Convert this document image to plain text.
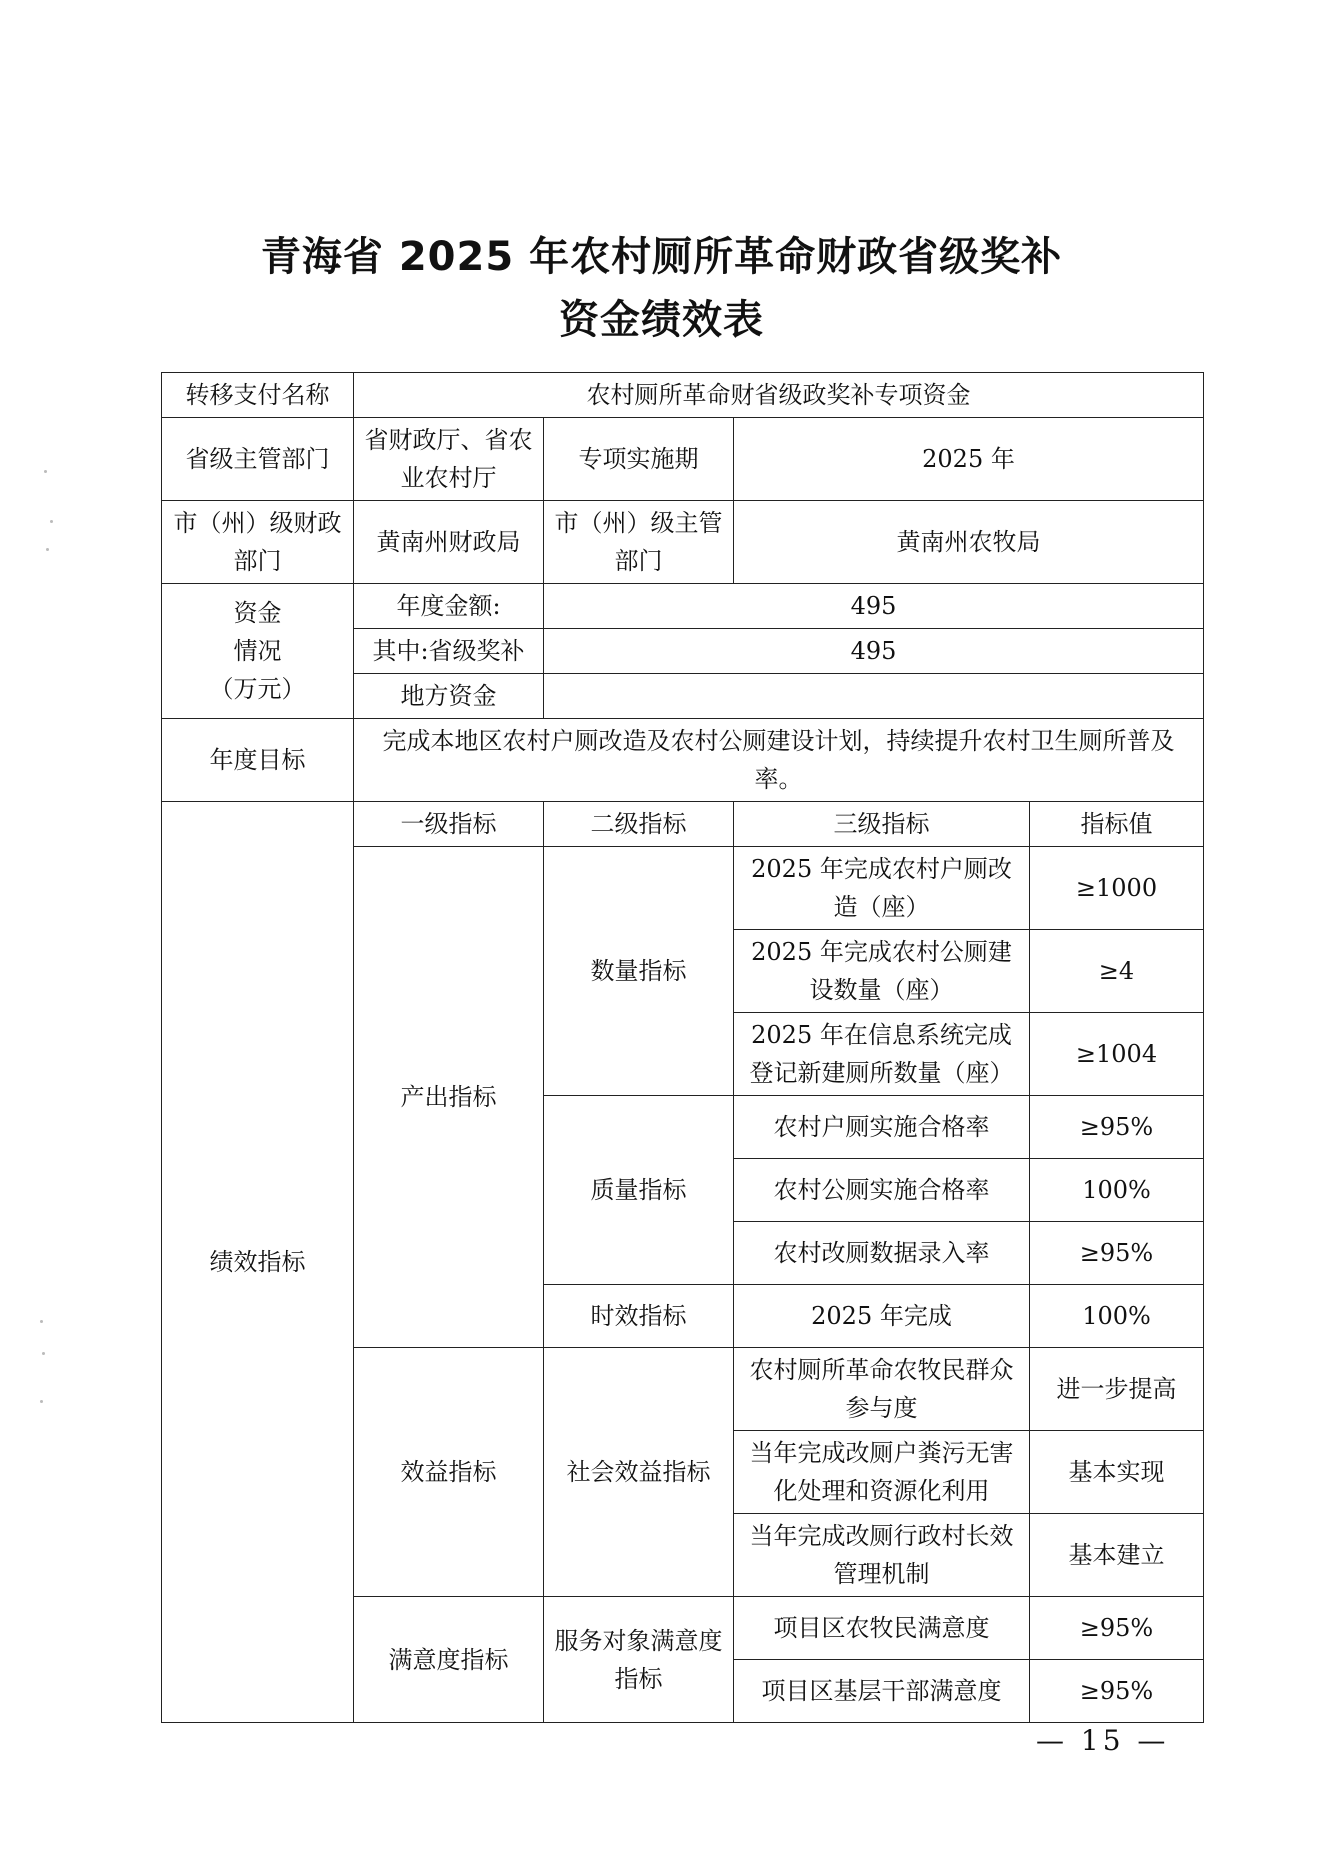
青海省 2025 年农村厕所革命财政省级奖补
资金绩效表
转移支付名称	农村厕所革命财省级政奖补专项资金			
省级主管部门	省财政厅、省农业农村厅	专项实施期	2025 年	
市（州）级财政部门	黄南州财政局	市（州）级主管部门	黄南州农牧局	

资金
情况
（万元）	年度金额:	495		
	其中:省级奖补	495		
	地方资金			
年度目标	完成本地区农村户厕改造及农村公厕建设计划，持续提升农村卫生厕所普及率。			
绩效指标	一级指标	二级指标	三级指标	指标值
	产出指标	数量指标	2025 年完成农村户厕改造（座）	≥1000
			2025 年完成农村公厕建设数量（座）	≥4
			2025 年在信息系统完成登记新建厕所数量（座）	≥1004
		质量指标	农村户厕实施合格率	≥95%
			农村公厕实施合格率	100%
			农村改厕数据录入率	≥95%
		时效指标	2025 年完成	100%
	效益指标	社会效益指标	农村厕所革命农牧民群众参与度	进一步提高
			当年完成改厕户粪污无害化处理和资源化利用	基本实现
			当年完成改厕行政村长效管理机制	基本建立
	满意度指标	服务对象满意度指标	项目区农牧民满意度	≥95%
			项目区基层干部满意度	≥95%
— 15 —
